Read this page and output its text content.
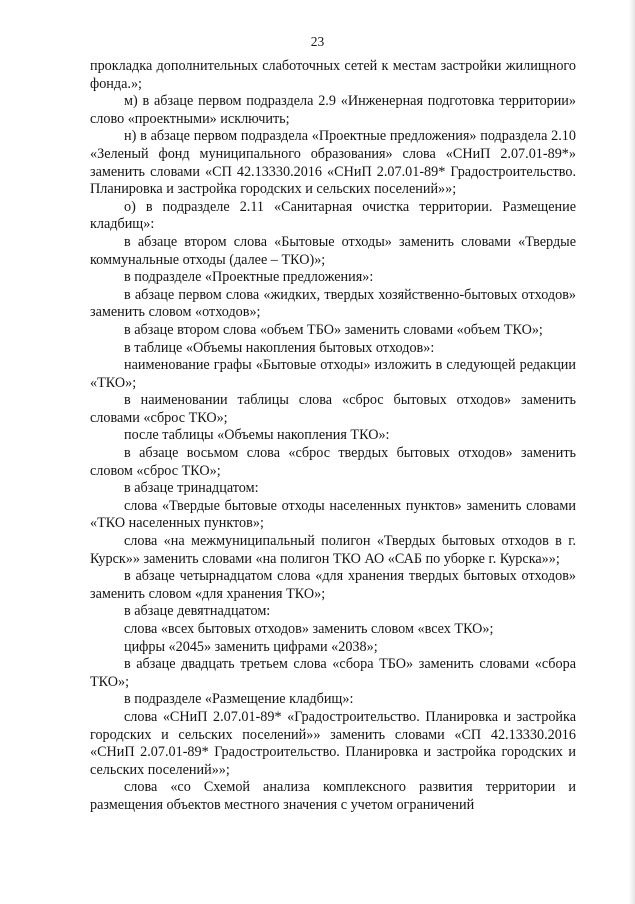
23

прокладка дополнительных слаботочных сетей к местам застройки жилищного фонда.»;

м) в абзаце первом подраздела 2.9 «Инженерная подготовка территории» слово «проектными» исключить;

н) в абзаце первом подраздела «Проектные предложения» подраздела 2.10 «Зеленый фонд муниципального образования» слова «СНиП 2.07.01-89*» заменить словами «СП 42.13330.2016 «СНиП 2.07.01-89* Градостроительство. Планировка и застройка городских и сельских поселений»»;

о) в подразделе 2.11 «Санитарная очистка территории. Размещение кладбищ»:

в абзаце втором слова «Бытовые отходы» заменить словами «Твердые коммунальные отходы (далее – ТКО)»;

в подразделе «Проектные предложения»:

в абзаце первом слова «жидких, твердых хозяйственно-бытовых отходов» заменить словом «отходов»;

в абзаце втором слова «объем ТБО» заменить словами «объем ТКО»;

в таблице «Объемы накопления бытовых отходов»:

наименование графы «Бытовые отходы» изложить в следующей редакции «ТКО»;

в наименовании таблицы слова «сброс бытовых отходов» заменить словами «сброс ТКО»;

после таблицы «Объемы накопления ТКО»:

в абзаце восьмом слова «сброс твердых бытовых отходов» заменить словом «сброс ТКО»;

в абзаце тринадцатом:

слова «Твердые бытовые отходы населенных пунктов» заменить словами «ТКО населенных пунктов»;

слова «на межмуниципальный полигон «Твердых бытовых отходов в г. Курск»» заменить словами «на полигон ТКО АО «САБ по уборке г. Курска»»;

в абзаце четырнадцатом слова «для хранения твердых бытовых отходов» заменить словом «для хранения ТКО»;

в абзаце девятнадцатом:

слова «всех бытовых отходов» заменить словом «всех ТКО»;

цифры «2045» заменить цифрами «2038»;

в абзаце двадцать третьем слова «сбора ТБО» заменить словами «сбора ТКО»;

в подразделе «Размещение кладбищ»:

слова «СНиП 2.07.01-89* «Градостроительство. Планировка и застройка городских и сельских поселений»» заменить словами «СП 42.13330.2016 «СНиП 2.07.01-89* Градостроительство. Планировка и застройка городских и сельских поселений»»;

слова «со Схемой анализа комплексного развития территории и размещения объектов местного значения с учетом ограничений
